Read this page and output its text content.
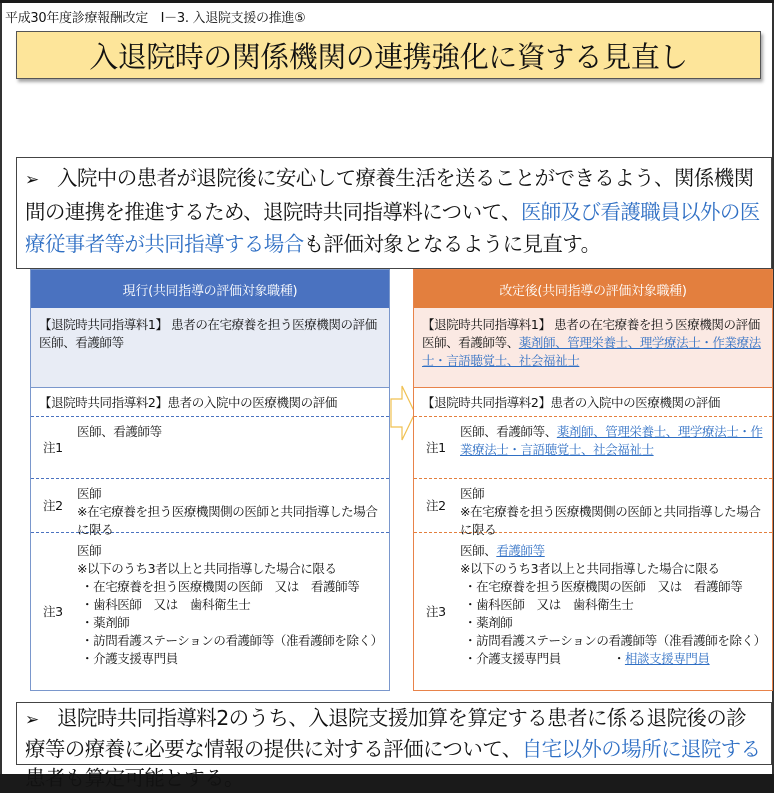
平成30年度診療報酬改定　Ⅰ－3. 入退院支援の推進⑤
入退院時の関係機関の連携強化に資する見直し
➢ 入院中の患者が退院後に安心して療養生活を送ることができるよう、関係機関間の連携を推進するため、退院時共同指導料について、医師及び看護職員以外の医療従事者等が共同指導する場合も評価対象となるように見直す。
現行(共同指導の評価対象職種)
【退院時共同指導料1】 患者の在宅療養を担う医療機関の評価
医師、看護師等
【退院時共同指導料2】患者の入院中の医療機関の評価
注1
医師、看護師等
注2
医師
※在宅療養を担う医療機関側の医師と共同指導した場合に限る
注3
医師
※以下のうち3者以上と共同指導した場合に限る
・在宅療養を担う医療機関の医師　又は　看護師等
・歯科医師　又は　歯科衛生士
・薬剤師
・訪問看護ステーションの看護師等（准看護師を除く）
・介護支援専門員
改定後(共同指導の評価対象職種)
【退院時共同指導料1】 患者の在宅療養を担う医療機関の評価
医師、看護師等、薬剤師、管理栄養士、理学療法士・作業療法士・言語聴覚士、社会福祉士
【退院時共同指導料2】患者の入院中の医療機関の評価
注1
医師、看護師等、薬剤師、管理栄養士、理学療法士・作業療法士・言語聴覚士、社会福祉士
注2
医師
※在宅療養を担う医療機関側の医師と共同指導した場合に限る
注3
医師、看護師等
※以下のうち3者以上と共同指導した場合に限る
・在宅療養を担う医療機関の医師　又は　看護師等
・歯科医師　又は　歯科衛生士
・薬剤師
・訪問看護ステーションの看護師等（准看護師を除く）
・介護支援専門員	・相談支援専門員
➢ 退院時共同指導料2のうち、入退院支援加算を算定する患者に係る退院後の診療等の療養に必要な情報の提供に対する評価について、自宅以外の場所に退院する患者も算定可能とする。
